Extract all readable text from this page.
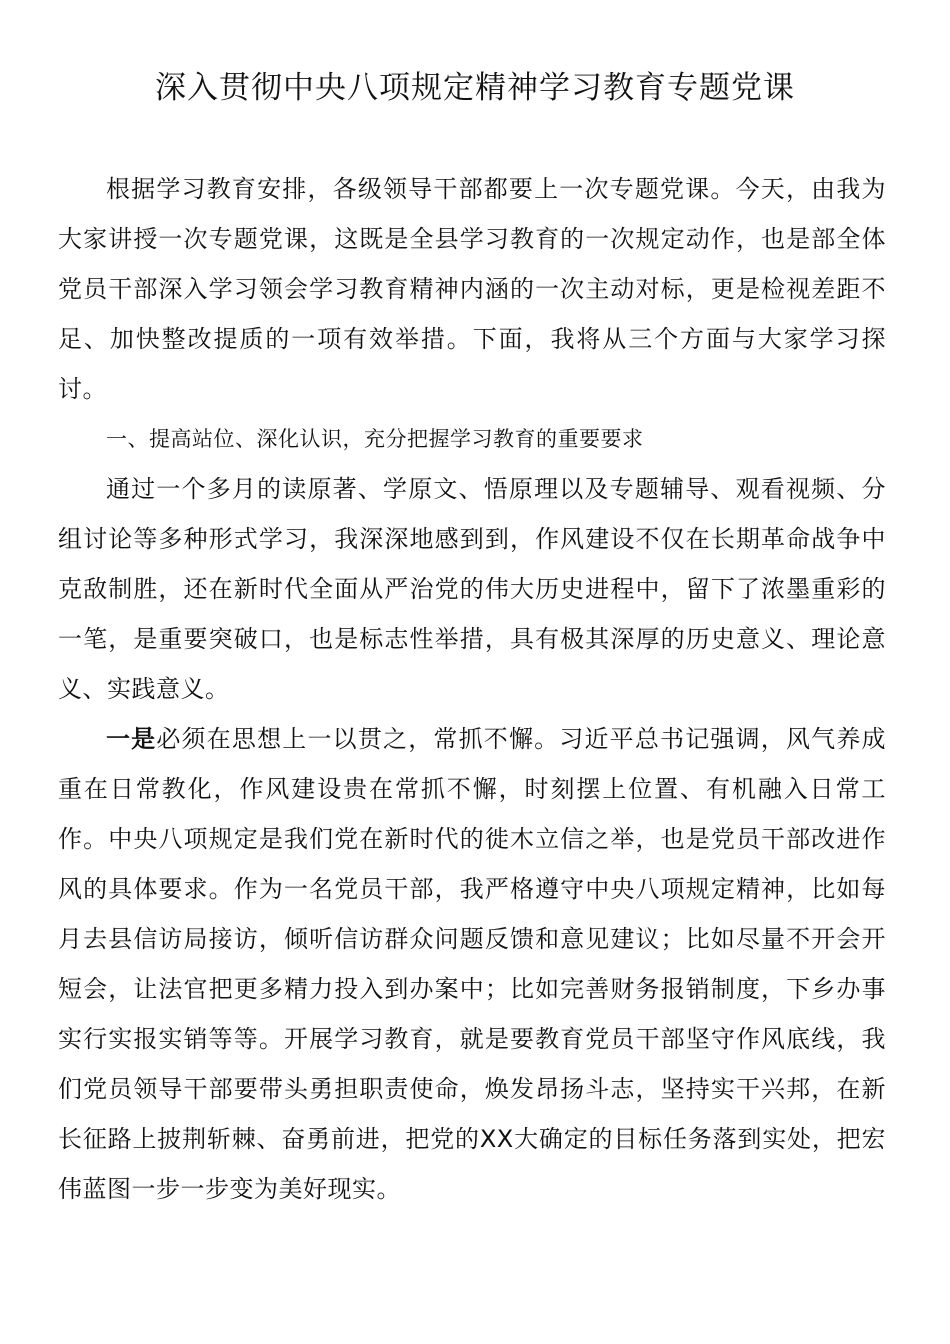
深入贯彻中央八项规定精神学习教育专题党课

根据学习教育安排，各级领导干部都要上一次专题党课。今天，由我为大家讲授一次专题党课，这既是全县学习教育的一次规定动作，也是部全体党员干部深入学习领会学习教育精神内涵的一次主动对标，更是检视差距不足、加快整改提质的一项有效举措。下面，我将从三个方面与大家学习探讨。

一、提高站位、深化认识，充分把握学习教育的重要要求

通过一个多月的读原著、学原文、悟原理以及专题辅导、观看视频、分组讨论等多种形式学习，我深深地感到到，作风建设不仅在长期革命战争中克敌制胜，还在新时代全面从严治党的伟大历史进程中，留下了浓墨重彩的一笔，是重要突破口，也是标志性举措，具有极其深厚的历史意义、理论意义、实践意义。

一是必须在思想上一以贯之，常抓不懈。习近平总书记强调，风气养成重在日常教化，作风建设贵在常抓不懈，时刻摆上位置、有机融入日常工作。中央八项规定是我们党在新时代的徙木立信之举，也是党员干部改进作风的具体要求。作为一名党员干部，我严格遵守中央八项规定精神，比如每月去县信访局接访，倾听信访群众问题反馈和意见建议；比如尽量不开会开短会，让法官把更多精力投入到办案中；比如完善财务报销制度，下乡办事实行实报实销等等。开展学习教育，就是要教育党员干部坚守作风底线，我们党员领导干部要带头勇担职责使命，焕发昂扬斗志，坚持实干兴邦，在新长征路上披荆斩棘、奋勇前进，把党的XX大确定的目标任务落到实处，把宏伟蓝图一步一步变为美好现实。
